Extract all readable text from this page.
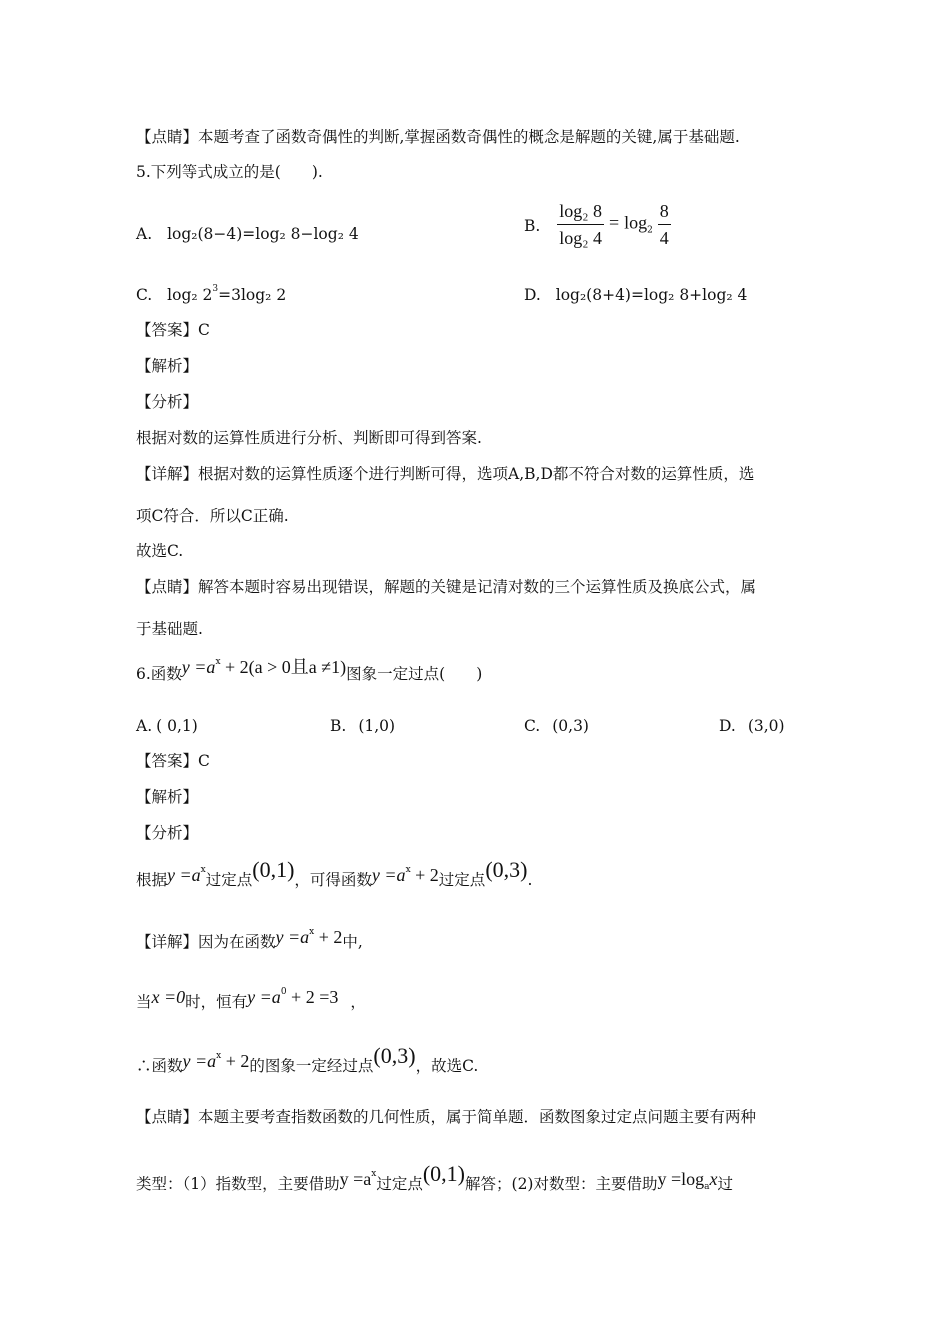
【点睛】本题考查了函数奇偶性的判断,掌握函数奇偶性的概念是解题的关键,属于基础题.
5.下列等式成立的是(　　).
A. log₂(8−4)=log₂ 8−log₂ 4	B. $\frac{\text{log₂ 8}}{\text{log₂ 4}} = \log_2 \frac{8}{4}$
C. log₂ $2^3=3\log_2$ 2	D. log₂(8+4)=log₂ 8+log₂ 4
【答案】C
【解析】
【分析】
根据对数的运算性质进行分析、判断即可得到答案.
【详解】根据对数的运算性质逐个进行判断可得，选项A,B,D都不符合对数的运算性质，选
项C符合．所以C正确.
故选C.
【点睛】解答本题时容易出现错误，解题的关键是记清对数的三个运算性质及换底公式，属
于基础题.
6.函数$y =a^x + 2(a > 0$且a ≠1)图象一定过点(　　)
A. ( 0,1)	B. (1,0)	C. (0,3)	D. (3,0)
【答案】C
【解析】
【分析】
根据$y =a^x$过定点(0,1)，可得函数$y =a^x + 2$过定点(0,3).
【详解】因为在函数$y =a^x + 2$中,
当x =0时，恒有$y =a^0 + 2 =3$ ，
∴函数$y =a^x + 2$的图象一定经过点(0,3)，故选C.
【点睛】本题主要考查指数函数的几何性质，属于简单题．函数图象过定点问题主要有两种
类型：（1）指数型，主要借助$y =a^x$过定点(0,1)解答；(2)对数型：主要借助y =logax过
